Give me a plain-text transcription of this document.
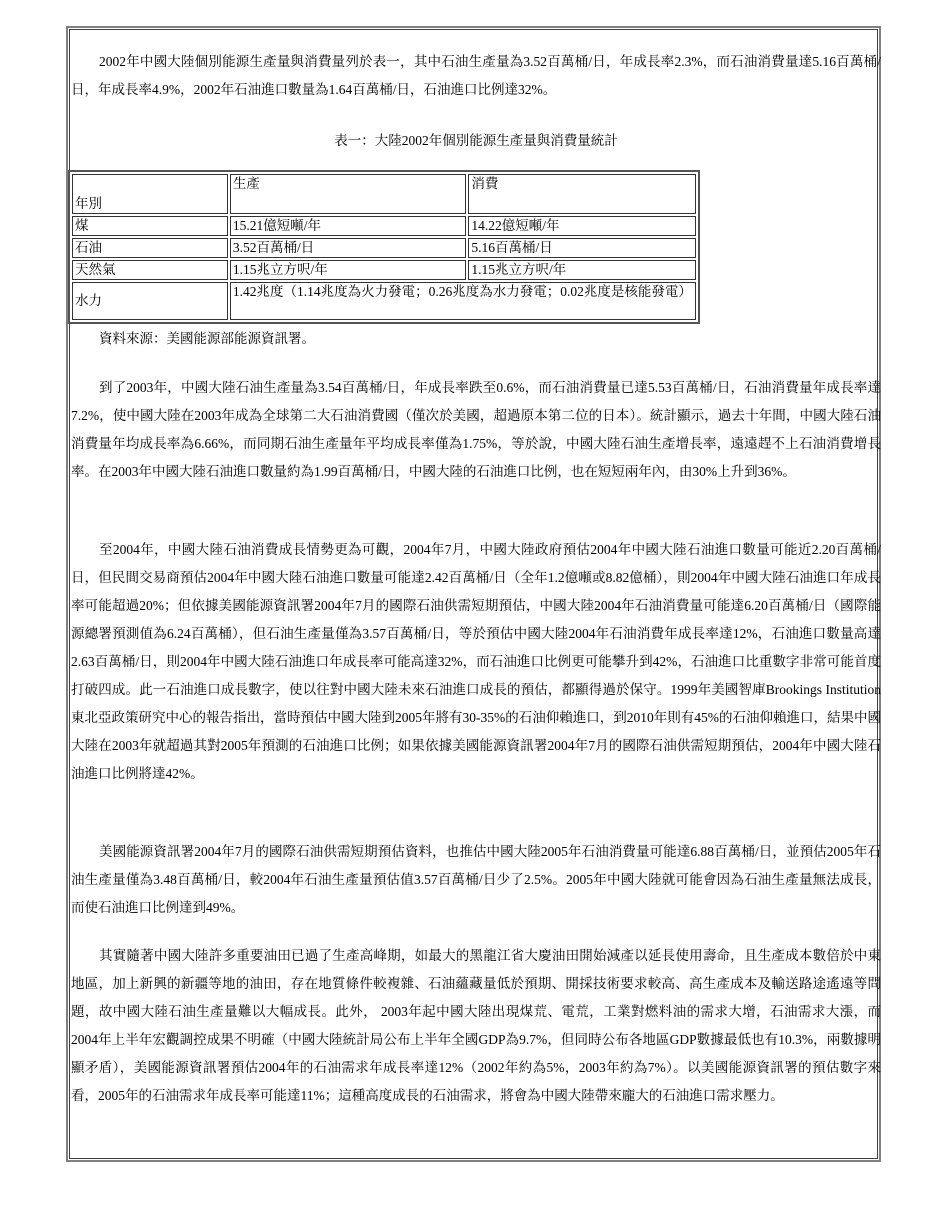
2002年中國大陸個別能源生產量與消費量列於表一，其中石油生產量為3.52百萬桶/日，年成長率2.3%，而石油消費量達5.16百萬桶/日，年成長率4.9%，2002年石油進口數量為1.64百萬桶/日，石油進口比例達32%。

表一：大陸2002年個別能源生產量與消費量統計
年別	生產	消費
煤	15.21億短噸/年	14.22億短噸/年
石油	3.52百萬桶/日	5.16百萬桶/日
天然氣	1.15兆立方呎/年	1.15兆立方呎/年
水力	1.42兆度（1.14兆度為火力發電；0.26兆度為水力發電；0.02兆度是核能發電）	
資料來源：美國能源部能源資訊署。

到了2003年，中國大陸石油生產量為3.54百萬桶/日，年成長率跌至0.6%，而石油消費量已達5.53百萬桶/日，石油消費量年成長率達7.2%，使中國大陸在2003年成為全球第二大石油消費國（僅次於美國，超過原本第二位的日本）。統計顯示，過去十年間，中國大陸石油消費量年均成長率為6.66%，而同期石油生產量年平均成長率僅為1.75%，等於說，中國大陸石油生產增長率，遠遠趕不上石油消費增長率。在2003年中國大陸石油進口數量約為1.99百萬桶/日，中國大陸的石油進口比例，也在短短兩年內，由30%上升到36%。

至2004年，中國大陸石油消費成長情勢更為可觀，2004年7月，中國大陸政府預估2004年中國大陸石油進口數量可能近2.20百萬桶/日，但民間交易商預估2004年中國大陸石油進口數量可能達2.42百萬桶/日（全年1.2億噸或8.82億桶），則2004年中國大陸石油進口年成長率可能超過20%；但依據美國能源資訊署2004年7月的國際石油供需短期預估，中國大陸2004年石油消費量可能達6.20百萬桶/日（國際能源總署預測值為6.24百萬桶），但石油生產量僅為3.57百萬桶/日，等於預估中國大陸2004年石油消費年成長率達12%，石油進口數量高達2.63百萬桶/日，則2004年中國大陸石油進口年成長率可能高達32%，而石油進口比例更可能攀升到42%，石油進口比重數字非常可能首度打破四成。此一石油進口成長數字，使以往對中國大陸未來石油進口成長的預估，都顯得過於保守。1999年美國智庫Brookings Institution東北亞政策研究中心的報告指出，當時預估中國大陸到2005年將有30-35%的石油仰賴進口，到2010年則有45%的石油仰賴進口，結果中國大陸在2003年就超過其對2005年預測的石油進口比例；如果依據美國能源資訊署2004年7月的國際石油供需短期預估，2004年中國大陸石油進口比例將達42%。

美國能源資訊署2004年7月的國際石油供需短期預估資料，也推估中國大陸2005年石油消費量可能達6.88百萬桶/日，並預估2005年石油生產量僅為3.48百萬桶/日，較2004年石油生產量預估值3.57百萬桶/日少了2.5%。2005年中國大陸就可能會因為石油生產量無法成長，而使石油進口比例達到49%。

其實隨著中國大陸許多重要油田已過了生產高峰期，如最大的黑龍江省大慶油田開始減產以延長使用壽命，且生產成本數倍於中東地區，加上新興的新疆等地的油田，存在地質條件較複雜、石油蘊藏量低於預期、開採技術要求較高、高生產成本及輸送路途遙遠等問題，故中國大陸石油生產量難以大幅成長。此外， 2003年起中國大陸出現煤荒、電荒，工業對燃料油的需求大增，石油需求大漲，而2004年上半年宏觀調控成果不明確（中國大陸統計局公布上半年全國GDP為9.7%，但同時公布各地區GDP數據最低也有10.3%，兩數據明顯矛盾），美國能源資訊署預估2004年的石油需求年成長率達12%（2002年約為5%，2003年約為7%）。以美國能源資訊署的預估數字來看，2005年的石油需求年成長率可能達11%；這種高度成長的石油需求，將會為中國大陸帶來龐大的石油進口需求壓力。
